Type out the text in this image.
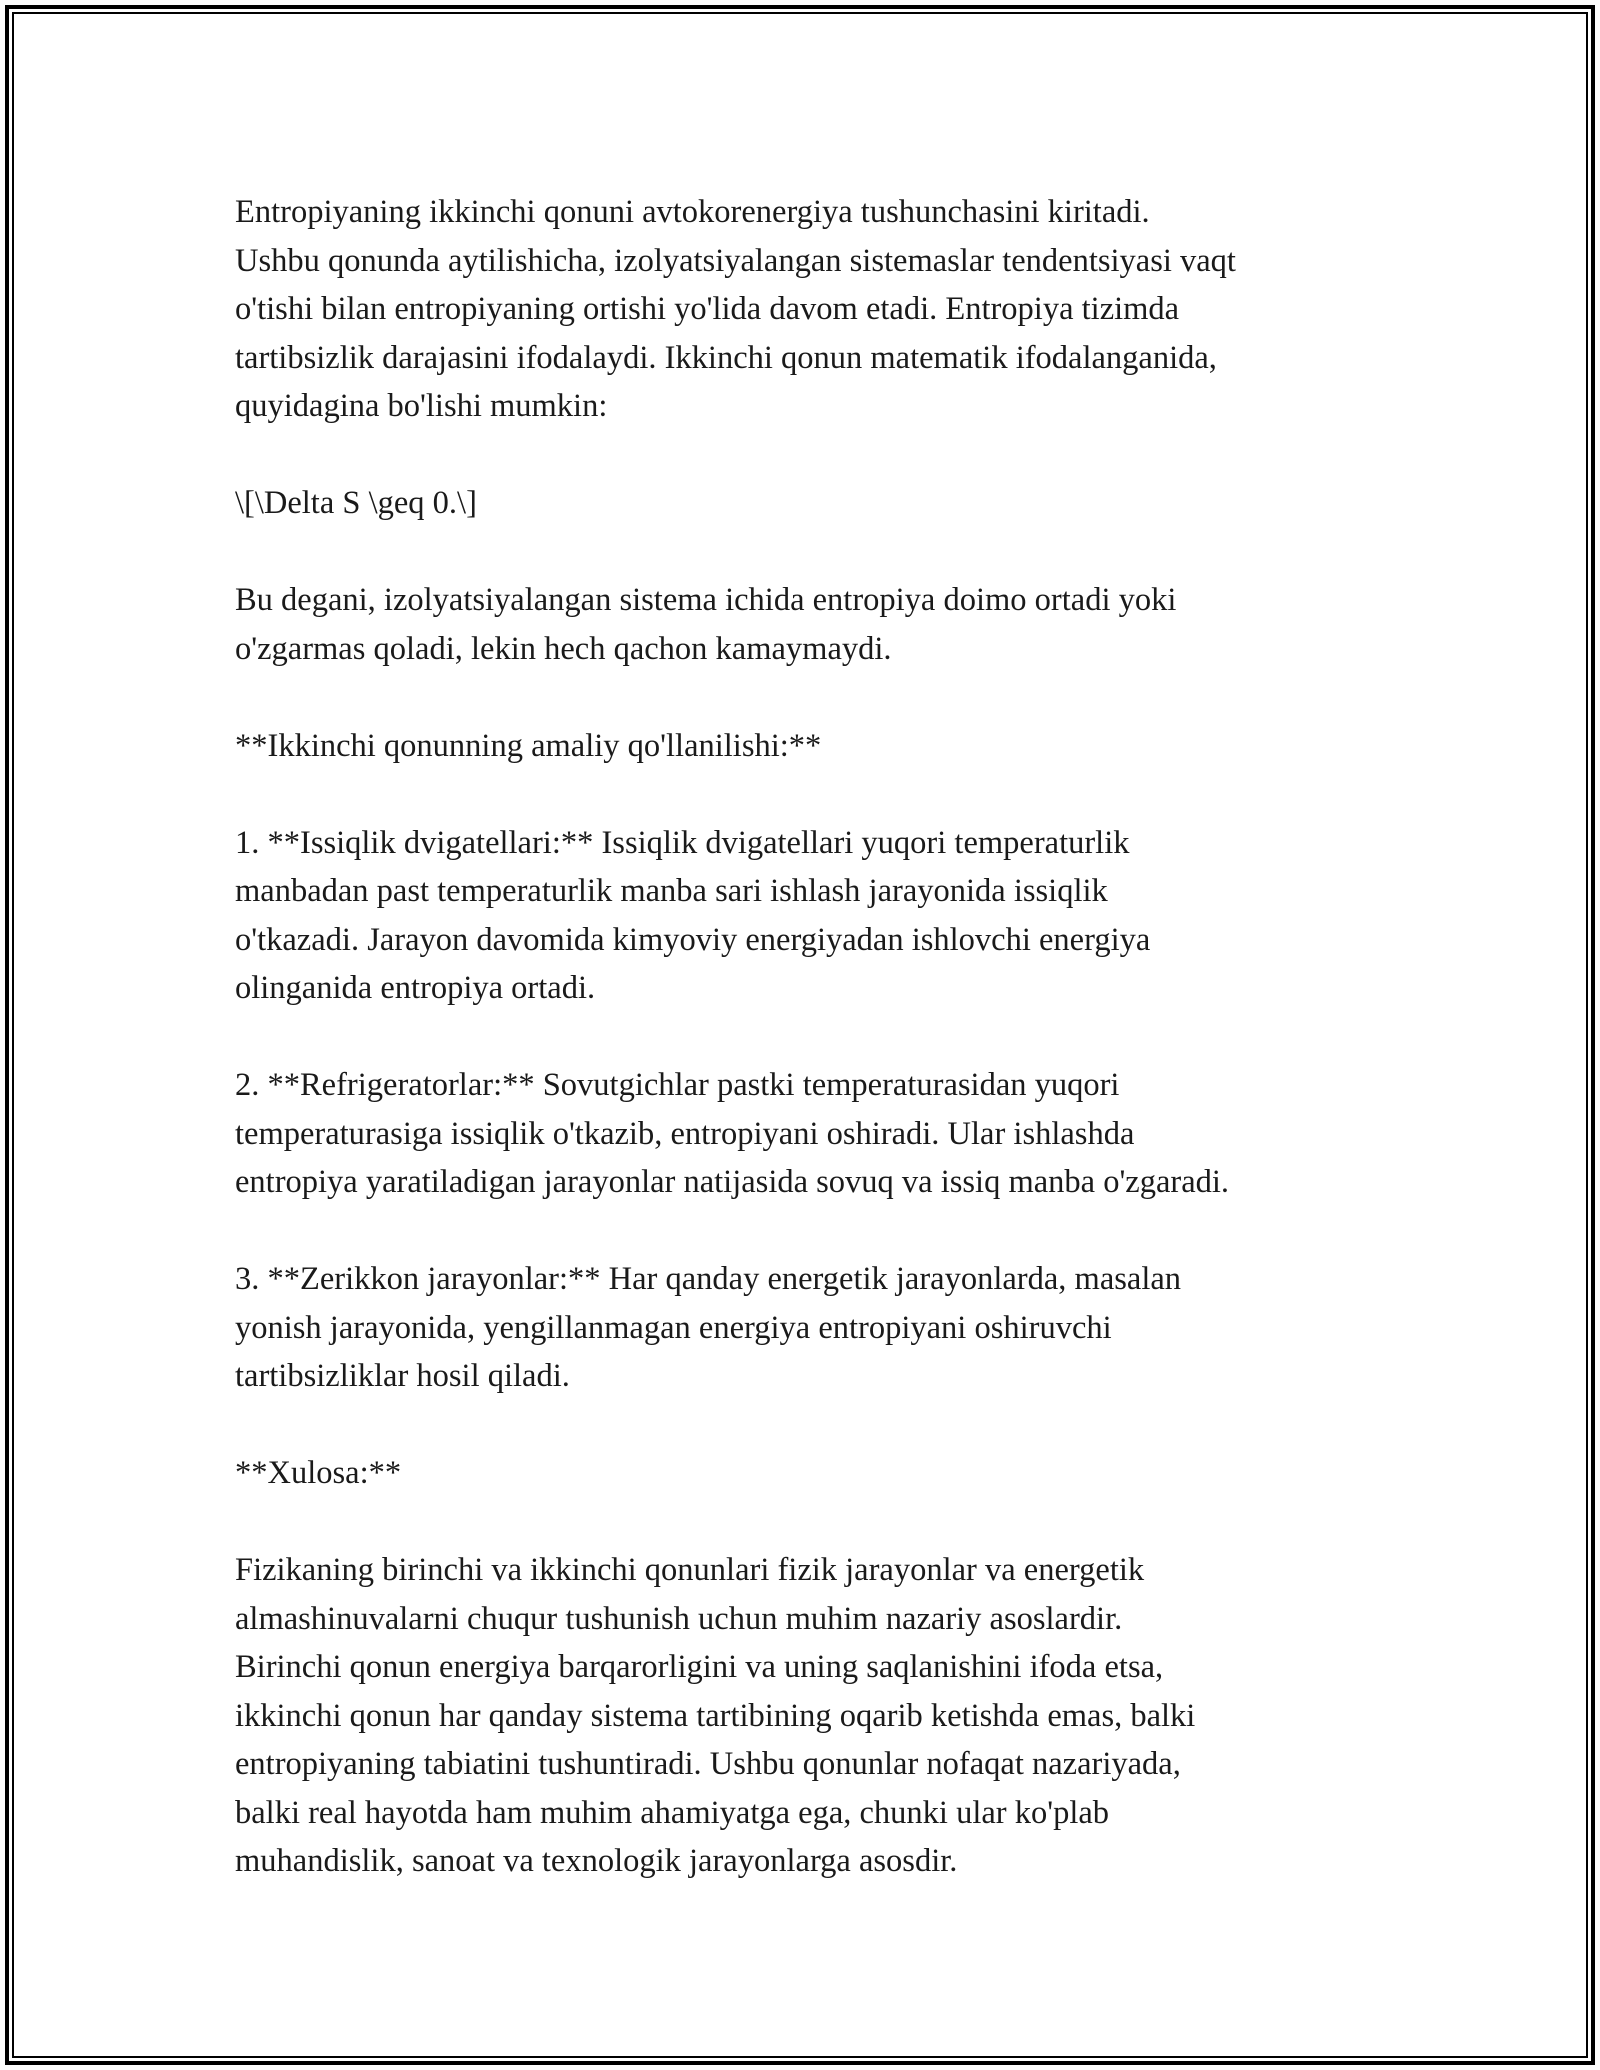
Entropiyaning ikkinchi qonuni avtokorenergiya tushunchasini kiritadi.
Ushbu qonunda aytilishicha, izolyatsiyalangan sistemaslar tendentsiyasi vaqt
o'tishi bilan entropiyaning ortishi yo'lida davom etadi. Entropiya tizimda
tartibsizlik darajasini ifodalaydi. Ikkinchi qonun matematik ifodalanganida,
quyidagina bo'lishi mumkin:

\[\Delta S \geq 0.\]

Bu degani, izolyatsiyalangan sistema ichida entropiya doimo ortadi yoki
o'zgarmas qoladi, lekin hech qachon kamaymaydi.

**Ikkinchi qonunning amaliy qo'llanilishi:**

1. **Issiqlik dvigatellari:** Issiqlik dvigatellari yuqori temperaturlik
manbadan past temperaturlik manba sari ishlash jarayonida issiqlik
o'tkazadi. Jarayon davomida kimyoviy energiyadan ishlovchi energiya
olinganida entropiya ortadi.

2. **Refrigeratorlar:** Sovutgichlar pastki temperaturasidan yuqori
temperaturasiga issiqlik o'tkazib, entropiyani oshiradi. Ular ishlashda
entropiya yaratiladigan jarayonlar natijasida sovuq va issiq manba o'zgaradi.

3. **Zerikkon jarayonlar:** Har qanday energetik jarayonlarda, masalan
yonish jarayonida, yengillanmagan energiya entropiyani oshiruvchi
tartibsizliklar hosil qiladi.

**Xulosa:**

Fizikaning birinchi va ikkinchi qonunlari fizik jarayonlar va energetik
almashinuvalarni chuqur tushunish uchun muhim nazariy asoslardir.
Birinchi qonun energiya barqarorligini va uning saqlanishini ifoda etsa,
ikkinchi qonun har qanday sistema tartibining oqarib ketishda emas, balki
entropiyaning tabiatini tushuntiradi. Ushbu qonunlar nofaqat nazariyada,
balki real hayotda ham muhim ahamiyatga ega, chunki ular ko'plab
muhandislik, sanoat va texnologik jarayonlarga asosdir.
